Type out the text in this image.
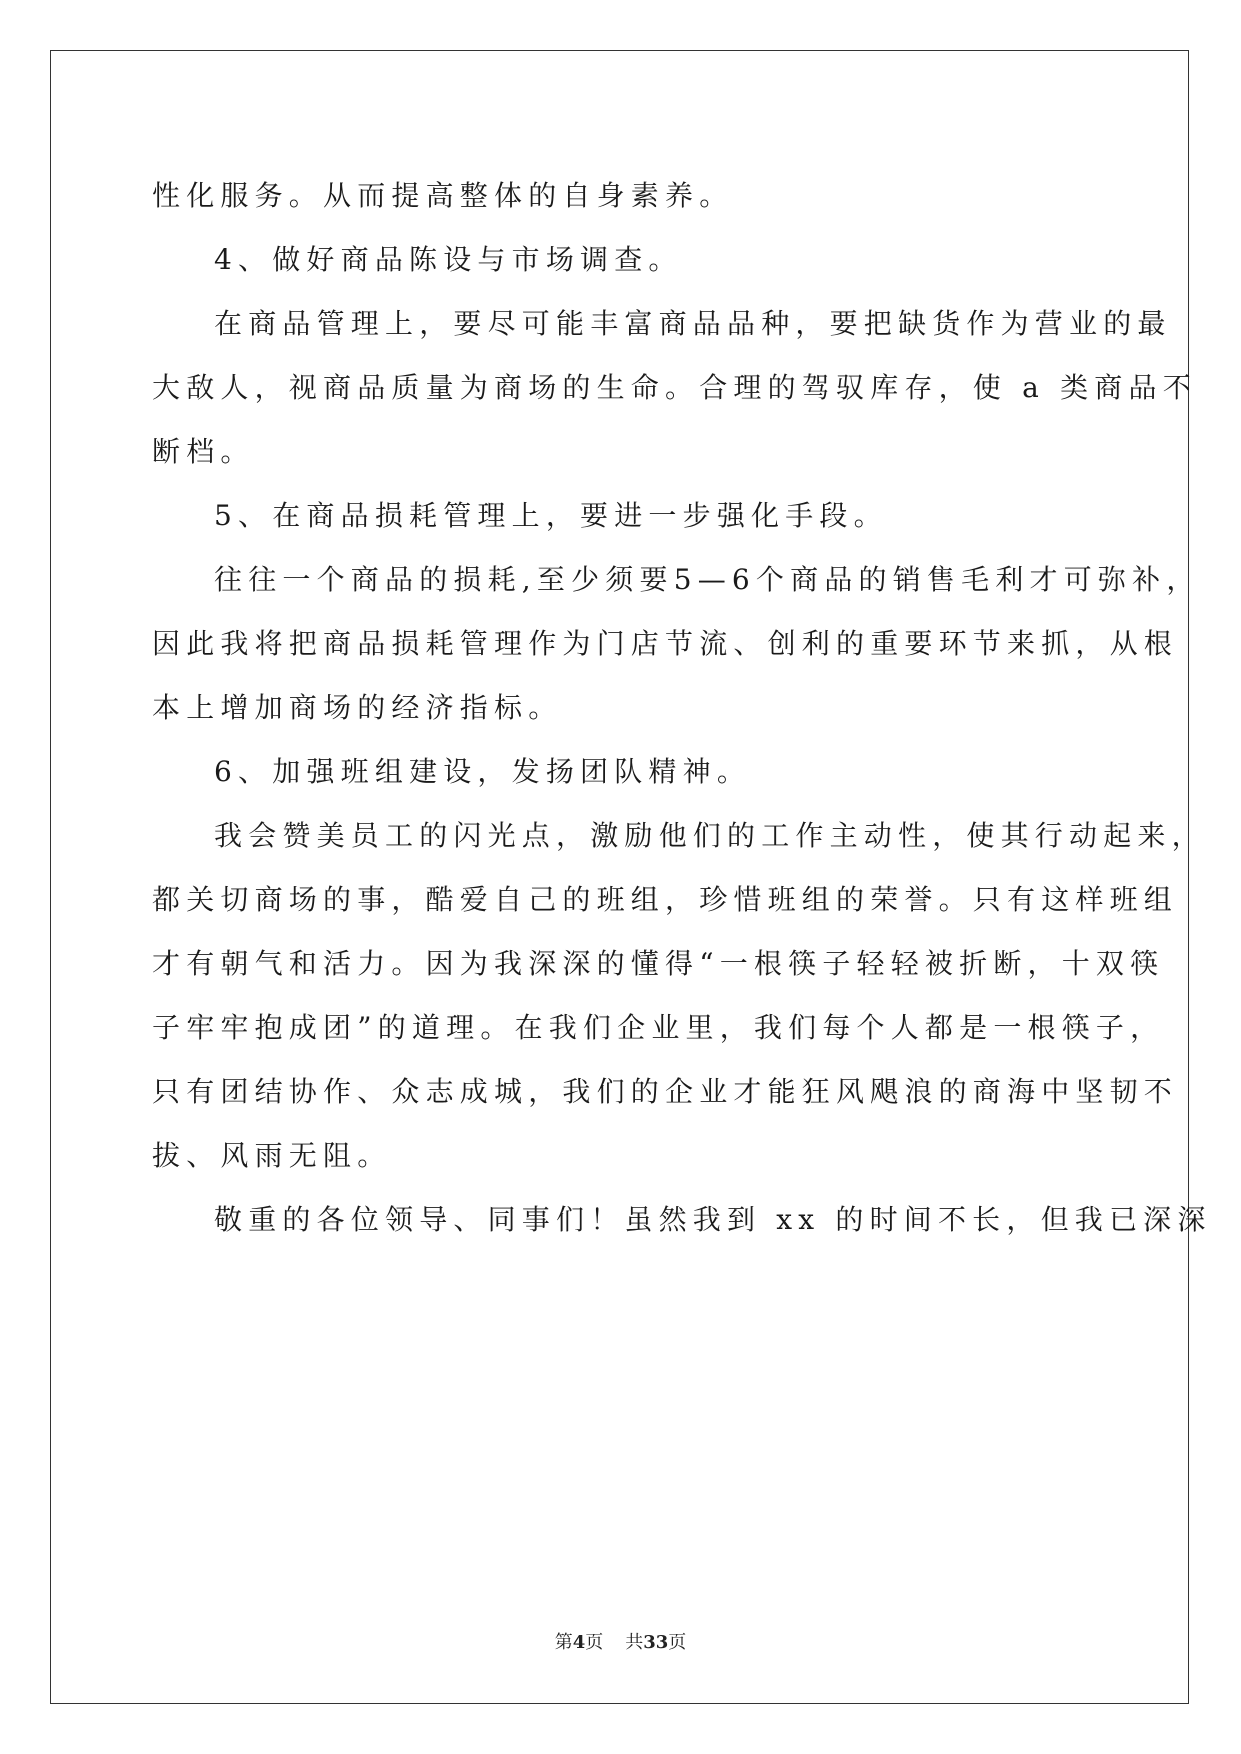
性化服务。从而提高整体的自身素养。
4、做好商品陈设与市场调查。
在商品管理上，要尽可能丰富商品品种，要把缺货作为营业的最
大敌人，视商品质量为商场的生命。合理的驾驭库存，使 a 类商品不
断档。
5、在商品损耗管理上，要进一步强化手段。
往往一个商品的损耗,至少须要5—6个商品的销售毛利才可弥补，
因此我将把商品损耗管理作为门店节流、创利的重要环节来抓，从根
本上增加商场的经济指标。
6、加强班组建设，发扬团队精神。
我会赞美员工的闪光点，激励他们的工作主动性，使其行动起来，
都关切商场的事，酷爱自己的班组，珍惜班组的荣誉。只有这样班组
才有朝气和活力。因为我深深的懂得“一根筷子轻轻被折断，十双筷
子牢牢抱成团”的道理。在我们企业里，我们每个人都是一根筷子，
只有团结协作、众志成城，我们的企业才能狂风飓浪的商海中坚韧不
拔、风雨无阻。
敬重的各位领导、同事们！虽然我到 xx 的时间不长，但我已深深
第4页 共33页
